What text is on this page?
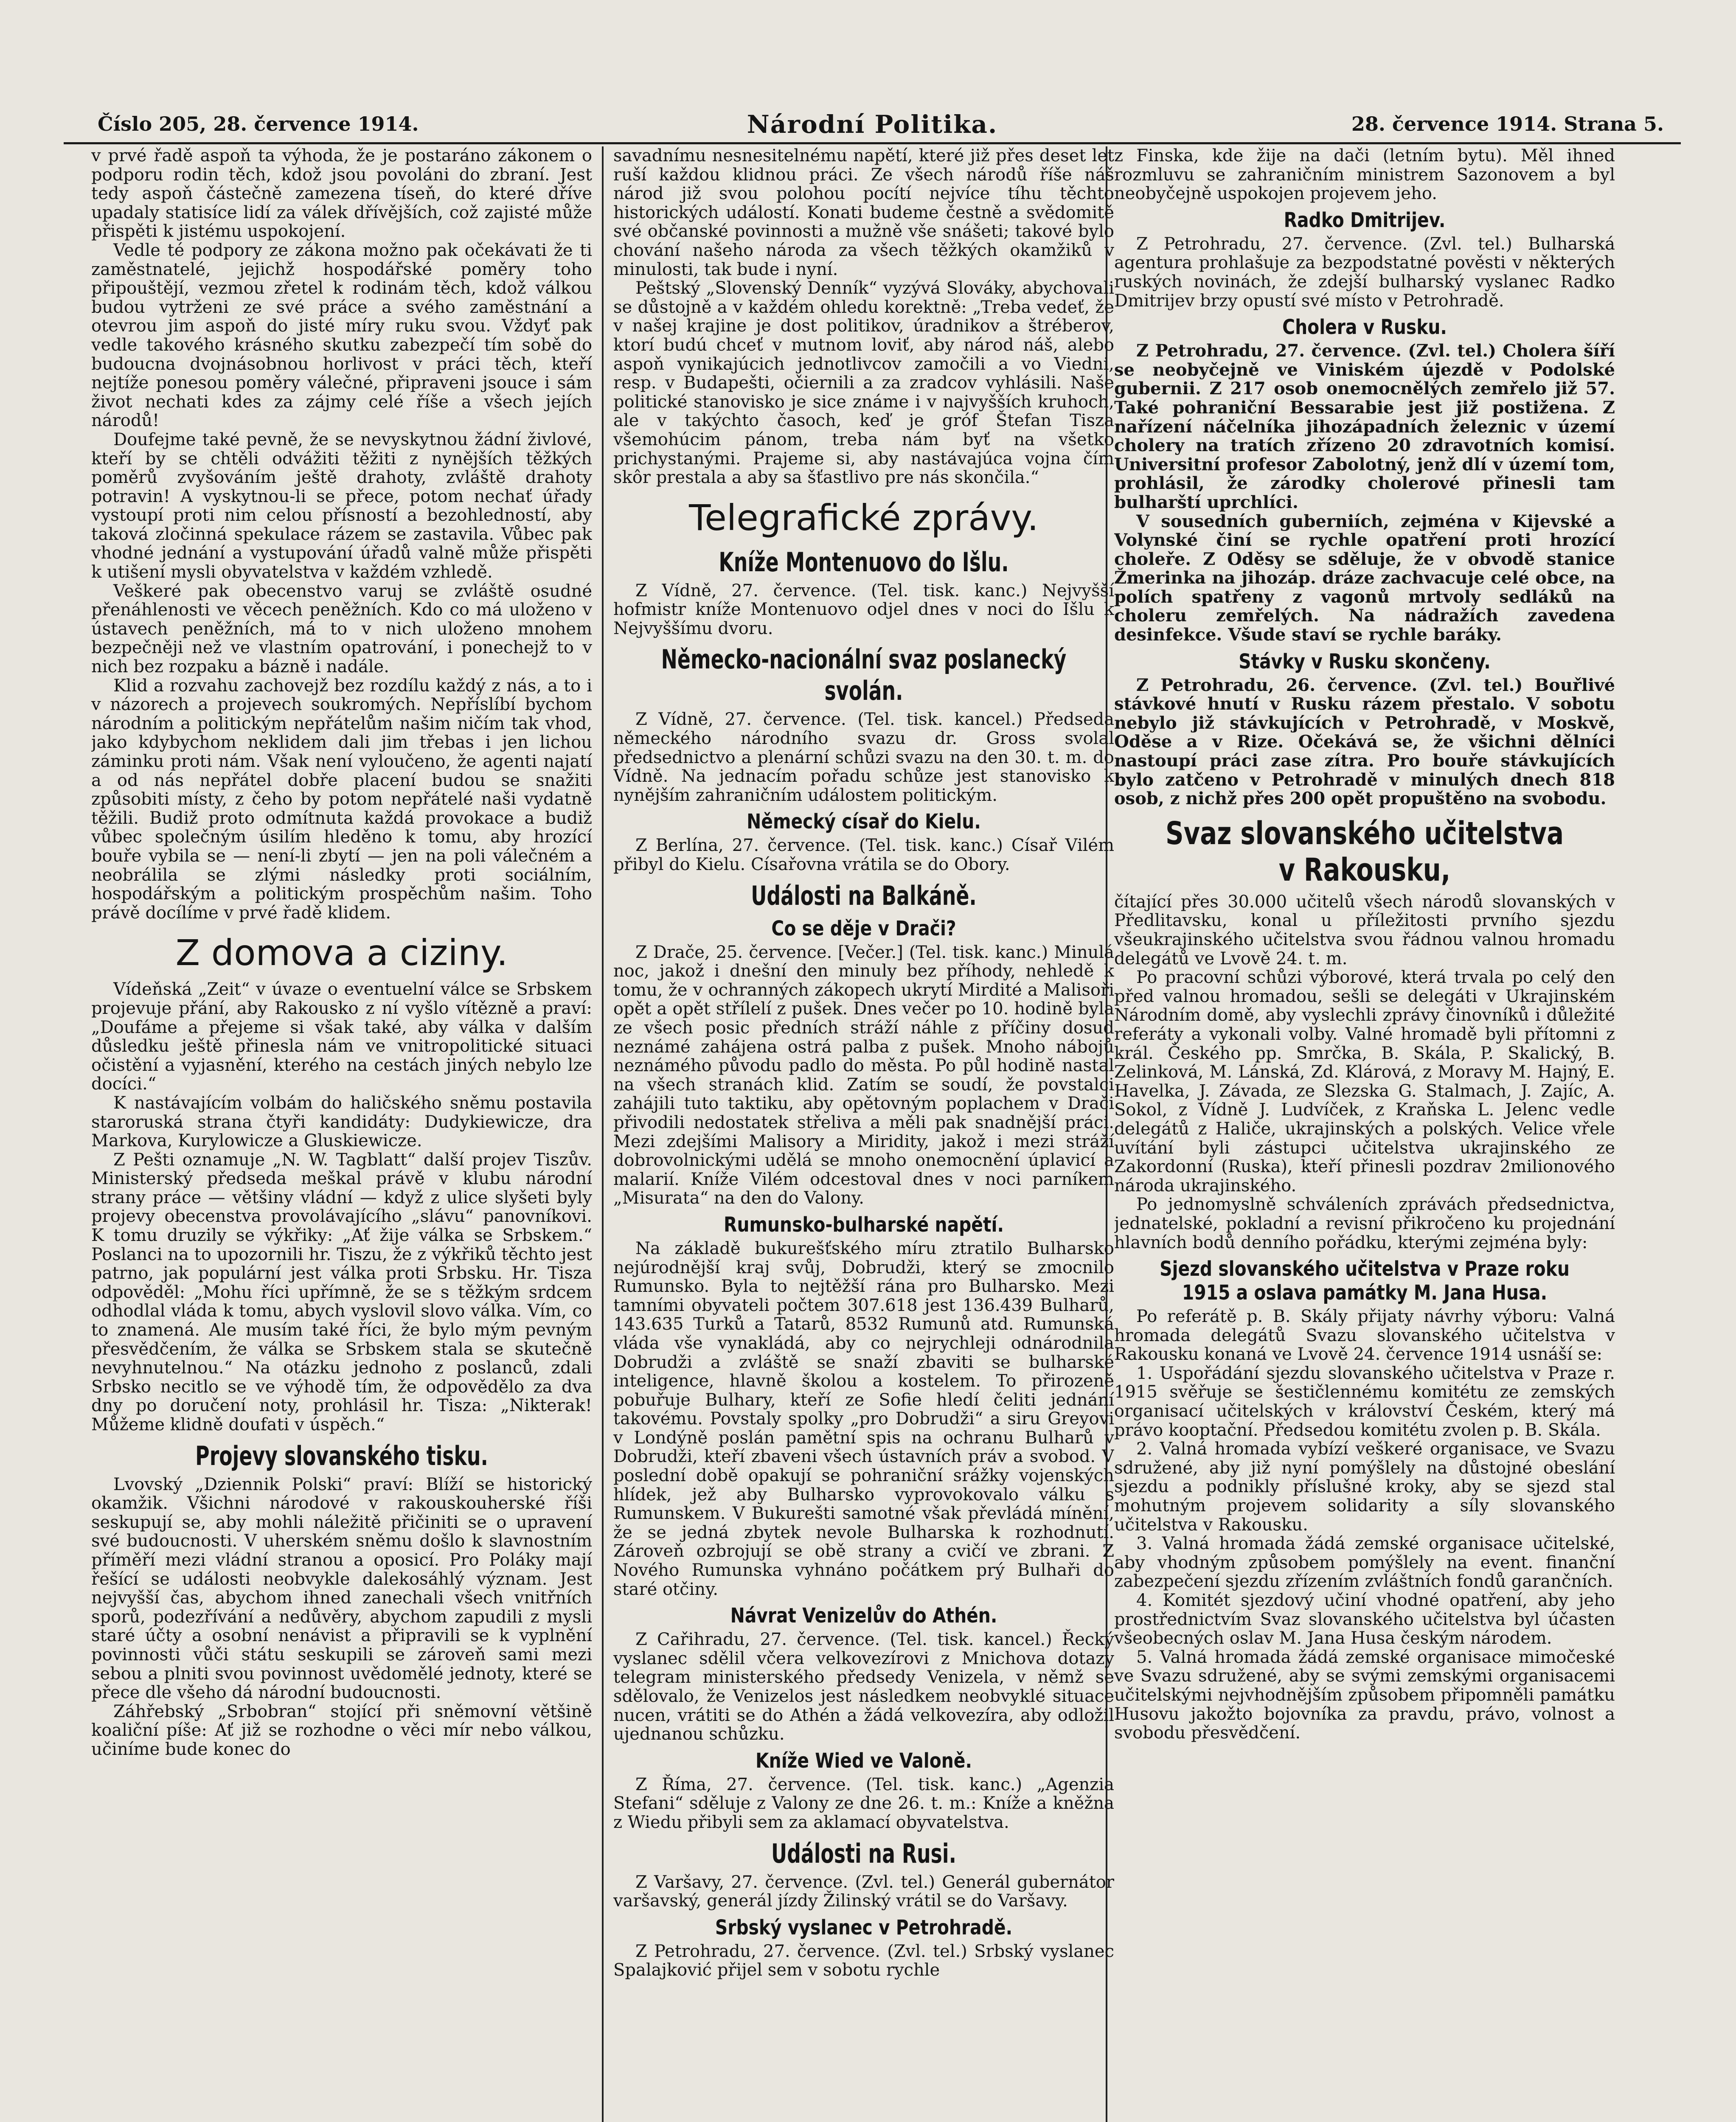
Číslo 205, 28. července 1914.	Národní Politika.	28. července 1914. Strana 5.

v prvé řadě aspoň ta výhoda, že je postaráno zákonem o podporu rodin těch, kdož jsou povoláni do zbraní. Jest tedy aspoň částečně zamezena tíseň, do které dříve upadaly statisíce lidí za válek dřívějších, což zajisté může přispěti k jistému uspokojení.

Vedle té podpory ze zákona možno pak očekávati že ti zaměstnatelé, jejichž hospodářské poměry toho připouštějí, vezmou zřetel k rodinám těch, kdož válkou budou vytrženi ze své práce a svého zaměstnání a otevrou jim aspoň do jisté míry ruku svou. Vždyť pak vedle takového krásného skutku zabezpečí tím sobě do budoucna dvojnásobnou horlivost v práci těch, kteří nejtíže ponesou poměry válečné, připraveni jsouce i sám život nechati kdes za zájmy celé říše a všech jejích národů!

Doufejme také pevně, že se nevyskytnou žádní živlové, kteří by se chtěli odvážiti těžiti z nynějších těžkých poměrů zvyšováním ještě drahoty, zvláště drahoty potravin! A vyskytnou-li se přece, potom nechať úřady vystoupí proti nim celou přísností a bezohledností, aby taková zločinná spekulace rázem se zastavila. Vůbec pak vhodné jednání a vystupování úřadů valně může přispěti k utišení mysli obyvatelstva v každém vzhledě.

Veškeré pak obecenstvo varuj se zvláště osudné přenáhlenosti ve věcech peněžních. Kdo co má uloženo v ústavech peněžních, má to v nich uloženo mnohem bezpečněji než ve vlastním opatrování, i ponechejž to v nich bez rozpaku a bázně i nadále.

Klid a rozvahu zachovejž bez rozdílu každý z nás, a to i v názorech a projevech soukromých. Nepříslíbí bychom národním a politickým nepřátelům našim ničím tak vhod, jako kdybychom neklidem dali jim třebas i jen lichou záminku proti nám. Však není vyloučeno, že agenti najatí a od nás nepřátel dobře placení budou se snažiti způsobiti místy, z čeho by potom nepřátelé naši vydatně těžili. Budiž proto odmítnuta každá provokace a budiž vůbec společným úsilím hleděno k tomu, aby hrozící bouře vybila se — není-li zbytí — jen na poli válečném a neobrálila se zlými následky proti sociálním, hospodářským a politickým prospěchům našim. Toho právě docílíme v prvé řadě klidem.

Z domova a ciziny.

Vídeňská „Zeit“ v úvaze o eventuelní válce se Srbskem projevuje přání, aby Rakousko z ní vyšlo vítězně a praví: „Doufáme a přejeme si však také, aby válka v dalším důsledku ještě přinesla nám ve vnitropolitické situaci očistění a vyjasnění, kterého na cestách jiných nebylo lze docíci.“

K nastávajícím volbám do haličského sněmu postavila staroruská strana čtyři kandidáty: Dudykiewicze, dra Markova, Kurylowicze a Gluskiewicze.

Z Pešti oznamuje „N. W. Tagblatt“ další projev Tiszův. Ministerský předseda meškal právě v klubu národní strany práce — většiny vládní — když z ulice slyšeti byly projevy obecenstva provolávajícího „slávu“ panovníkovi. K tomu druzily se výkřiky: „Ať žije válka se Srbskem.“ Poslanci na to upozornili hr. Tiszu, že z výkřiků těchto jest patrno, jak populární jest válka proti Srbsku. Hr. Tisza odpověděl: „Mohu říci upřímně, že se s těžkým srdcem odhodlal vláda k tomu, abych vyslovil slovo válka. Vím, co to znamená. Ale musím také říci, že bylo mým pevným přesvědčením, že válka se Srbskem stala se skutečně nevyhnutelnou.“ Na otázku jednoho z poslanců, zdali Srbsko necitlo se ve výhodě tím, že odpovědělo za dva dny po doručení noty, prohlásil hr. Tisza: „Nikterak! Můžeme klidně doufati v úspěch.“

Projevy slovanského tisku.

Lvovský „Dziennik Polski“ praví: Blíží se historický okamžik. Všichni národové v rakouskouherské říši seskupují se, aby mohli náležitě přičiniti se o upravení své budoucnosti. V uherském sněmu došlo k slavnostním příměří mezi vládní stranou a oposicí. Pro Poláky mají řešící se události neobvykle dalekosáhlý význam. Jest nejvyšší čas, abychom ihned zanechali všech vnitřních sporů, podezřívání a nedůvěry, abychom zapudili z mysli staré účty a osobní nenávist a připravili se k vyplnění povinnosti vůči státu seskupili se zároveň sami mezi sebou a plniti svou povinnost uvědomělé jednoty, které se přece dle všeho dá národní budoucnosti.

Záhřebský „Srbobran“ stojící při sněmovní většině koaliční píše: Ať již se rozhodne o věci mír nebo válkou, učiníme bude konec do

savadnímu nesnesitelnému napětí, které již přes deset let ruší každou klidnou práci. Ze všech národů říše náš národ již svou polohou pocítí nejvíce tíhu těchto historických událostí. Konati budeme čestně a svědomitě své občanské povinnosti a mužně vše snášeti; takové bylo chování našeho národa za všech těžkých okamžiků v minulosti, tak bude i nyní.

Peštský „Slovenský Denník“ vyzývá Slováky, abychovali se důstojně a v každém ohledu korektně: „Treba vedeť, že v našej krajine je dost politikov, úradnikov a štréberov, ktorí budú chceť v mutnom loviť, aby národ náš, alebo aspoň vynikajúcich jednotlivcov zamočili a vo Viedni, resp. v Budapešti, očiernili a za zradcov vyhlásili. Naše politické stanovisko je sice známe i v najvyšších kruhoch, ale v takýchto časoch, keď je gróf Štefan Tisza všemohúcim pánom, treba nám byť na všetko prichystanými. Prajeme si, aby nastávajúca vojna čím skôr prestala a aby sa šťastlivo pre nás skončila.“

Telegrafické zprávy.
Kníže Montenuovo do Išlu.

Z Vídně, 27. července. (Tel. tisk. kanc.) Nejvyšší hofmistr kníže Montenuovo odjel dnes v noci do Išlu k Nejvyššímu dvoru.

Německo-nacionální svaz poslanecký svolán.

Z Vídně, 27. července. (Tel. tisk. kancel.) Předseda německého národního svazu dr. Gross svolal předsednictvo a plenární schůzi svazu na den 30. t. m. do Vídně. Na jednacím pořadu schůze jest stanovisko k nynějším zahraničním událostem politickým.

Německý císař do Kielu.

Z Berlína, 27. července. (Tel. tisk. kanc.) Císař Vilém přibyl do Kielu. Císařovna vrátila se do Obory.

Události na Balkáně.
Co se děje v Drači?

Z Drače, 25. července. [Večer.] (Tel. tisk. kanc.) Minulá noc, jakož i dnešní den minuly bez příhody, nehledě k tomu, že v ochranných zákopech ukrytí Mirdité a Malisoři opět a opět střílelí z pušek. Dnes večer po 10. hodině byla ze všech posic předních stráží náhle z příčiny dosud neznámé zahájena ostrá palba z pušek. Mnoho nábojů neznámého původu padlo do města. Po půl hodině nastal na všech stranách klid. Zatím se soudí, že povstalci zahájili tuto taktiku, aby opětovným poplachem v Drači přivodili nedostatek střeliva a měli pak snadnější práci. Mezi zdejšími Malisory a Miridity, jakož i mezi stráží dobrovolnickými udělá se mnoho onemocnění úplavicí a malarií. Kníže Vilém odcestoval dnes v noci parníkem „Misurata“ na den do Valony.

Rumunsko-bulharské napětí.

Na základě bukurešťského míru ztratilo Bulharsko nejúrodnější kraj svůj, Dobrudži, který se zmocnilo Rumunsko. Byla to nejtěžší rána pro Bulharsko. Mezi tamními obyvateli počtem 307.618 jest 136.439 Bulharů, 143.635 Turků a Tatarů, 8532 Rumunů atd. Rumunská vláda vše vynakládá, aby co nejrychleji odnárodnila Dobrudži a zvláště se snaží zbaviti se bulharské inteligence, hlavně školou a kostelem. To přirozeně pobuřuje Bulhary, kteří ze Sofie hledí čeliti jednání takovému. Povstaly spolky „pro Dobrudži“ a siru Greyovi v Londýně poslán pamětní spis na ochranu Bulharů v Dobrudži, kteří zbaveni všech ústavních práv a svobod. V poslední době opakují se pohraniční srážky vojenských hlídek, jež aby Bulharsko vyprovokovalo válku s Rumunskem. V Bukurešti samotné však převládá mínění, že se jedná zbytek nevole Bulharska k rozhodnutí. Zároveň ozbrojují se obě strany a cvičí ve zbrani. Z Nového Rumunska vyhnáno počátkem prý Bulhaři do staré otčiny.

Návrat Venizelův do Athén.

Z Cařihradu, 27. července. (Tel. tisk. kancel.) Řecký vyslanec sdělil včera velkovezírovi z Mnichova dotazy telegram ministerského předsedy Venizela, v němž se sdělovalo, že Venizelos jest následkem neobvyklé situace nucen, vrátiti se do Athén a žádá velkovezíra, aby odložil ujednanou schůzku.

Kníže Wied ve Valoně.

Z Říma, 27. července. (Tel. tisk. kanc.) „Agenzia Stefani“ sděluje z Valony ze dne 26. t. m.: Kníže a kněžna z Wiedu přibyli sem za aklamací obyvatelstva.

Události na Rusi.

Z Varšavy, 27. července. (Zvl. tel.) Generál gubernátor varšavský, generál jízdy Žilinský vrátil se do Varšavy.

Srbský vyslanec v Petrohradě.

Z Petrohradu, 27. července. (Zvl. tel.) Srbský vyslanec Spalajković přijel sem v sobotu rychle

z Finska, kde žije na dači (letním bytu). Měl ihned rozmluvu se zahraničním ministrem Sazonovem a byl neobyčejně uspokojen projevem jeho.

Radko Dmitrijev.

Z Petrohradu, 27. července. (Zvl. tel.) Bulharská agentura prohlašuje za bezpodstatné pověsti v některých ruských novinách, že zdejší bulharský vyslanec Radko Dmitrijev brzy opustí své místo v Petrohradě.

Cholera v Rusku.

Z Petrohradu, 27. července. (Zvl. tel.) Cholera šíří se neobyčejně ve Viniském újezdě v Podolské gubernii. Z 217 osob onemocnělých zemřelo již 57. Také pohraniční Bessarabie jest již postižena. Z nařízení náčelníka jihozápadních železnic v území cholery na tratích zřízeno 20 zdravotních komisí. Universitní profesor Zabolotný, jenž dlí v území tom, prohlásil, že zárodky cholerové přinesli tam bulharští uprchlíci.

V sousedních guberniích, zejména v Kijevské a Volynské činí se rychle opatření proti hrozící choleře. Z Oděsy se sděluje, že v obvodě stanice Žmerinka na jihozáp. dráze zachvacuje celé obce, na polích spatřeny z vagonů mrtvoly sedláků na choleru zemřelých. Na nádražích zavedena desinfekce. Všude staví se rychle baráky.

Stávky v Rusku skončeny.

Z Petrohradu, 26. července. (Zvl. tel.) Bouřlivé stávkové hnutí v Rusku rázem přestalo. V sobotu nebylo již stávkujících v Petrohradě, v Moskvě, Oděse a v Rize. Očekává se, že všichni dělníci nastoupí práci zase zítra. Pro bouře stávkujících bylo zatčeno v Petrohradě v minulých dnech 818 osob, z nichž přes 200 opět propuštěno na svobodu.

Svaz slovanského učitelstva v Rakousku,

čítající přes 30.000 učitelů všech národů slovanských v Předlitavsku, konal u příležitosti prvního sjezdu všeukrajinského učitelstva svou řádnou valnou hromadu delegátů ve Lvově 24. t. m.

Po pracovní schůzi výborové, která trvala po celý den před valnou hromadou, sešli se delegáti v Ukrajinském Národním domě, aby vyslechli zprávy činovníků i důležité referáty a vykonali volby. Valné hromadě byli přítomni z král. Českého pp. Smrčka, B. Skála, P. Skalický, B. Zelinková, M. Lánská, Zd. Klárová, z Moravy M. Hajný, E. Havelka, J. Závada, ze Slezska G. Stalmach, J. Zajíc, A. Sokol, z Vídně J. Ludvíček, z Kraňska L. Jelenc vedle delegátů z Haliče, ukrajinských a polských. Velice vřele uvítání byli zástupci učitelstva ukrajinského ze Zakordonní (Ruska), kteří přinesli pozdrav 2milionového národa ukrajinského.

Po jednomyslně schváleních zprávách předsednictva, jednatelské, pokladní a revisní přikročeno ku projednání hlavních bodů denního pořádku, kterými zejména byly:

Sjezd slovanského učitelstva v Praze roku 1915 a oslava památky M. Jana Husa.

Po referátě p. B. Skály přijaty návrhy výboru: Valná hromada delegátů Svazu slovanského učitelstva v Rakousku konaná ve Lvově 24. července 1914 usnáší se:

1. Uspořádání sjezdu slovanského učitelstva v Praze r. 1915 svěřuje se šestičlennému komitétu ze zemských organisací učitelských v království Českém, který má právo kooptační. Předsedou komitétu zvolen p. B. Skála.

2. Valná hromada vybízí veškeré organisace, ve Svazu sdružené, aby již nyní pomýšlely na důstojné obeslání sjezdu a podnikly příslušné kroky, aby se sjezd stal mohutným projevem solidarity a síly slovanského učitelstva v Rakousku.

3. Valná hromada žádá zemské organisace učitelské, aby vhodným způsobem pomýšlely na event. finanční zabezpečení sjezdu zřízením zvláštních fondů garančních.

4. Komitét sjezdový učiní vhodné opatření, aby jeho prostřednictvím Svaz slovanského učitelstva byl účasten všeobecných oslav M. Jana Husa českým národem.

5. Valná hromada žádá zemské organisace mimočeské ve Svazu sdružené, aby se svými zemskými organisacemi učitelskými nejvhodnějším způsobem připomněli památku Husovu jakožto bojovníka za pravdu, právo, volnost a svobodu přesvědčení.
